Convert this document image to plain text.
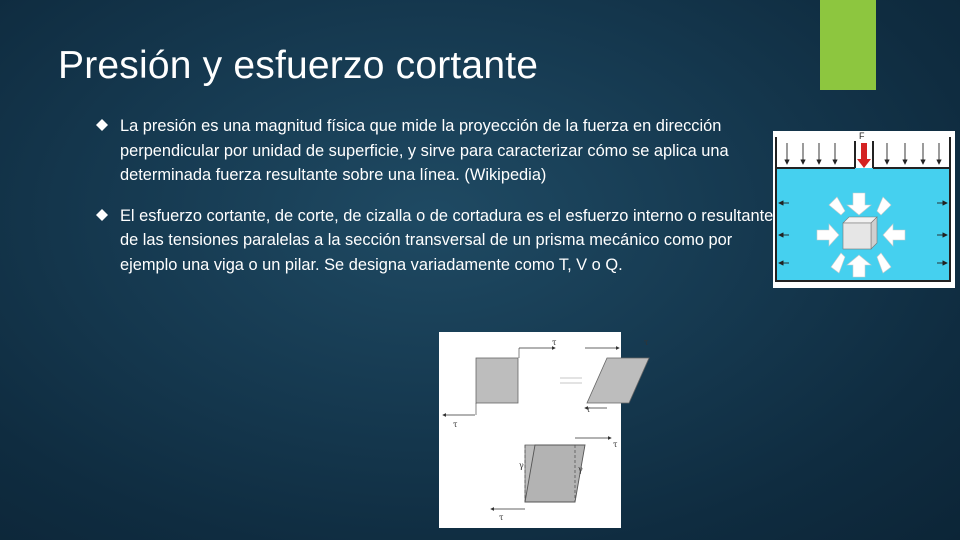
Presión y esfuerzo cortante
La presión es una magnitud física que mide la proyección de la fuerza en dirección perpendicular por unidad de superficie, y sirve para caracterizar cómo se aplica una determinada fuerza resultante sobre una línea. (Wikipedia)
El esfuerzo cortante, de corte, de cizalla o de cortadura es el esfuerzo interno o resultante de las tensiones paralelas a la sección transversal de un prisma mecánico como por ejemplo una viga o un pilar. Se designa variadamente como T, V o Q.
F
τ
τ
τ
τ
τ
τ
γ	γ
